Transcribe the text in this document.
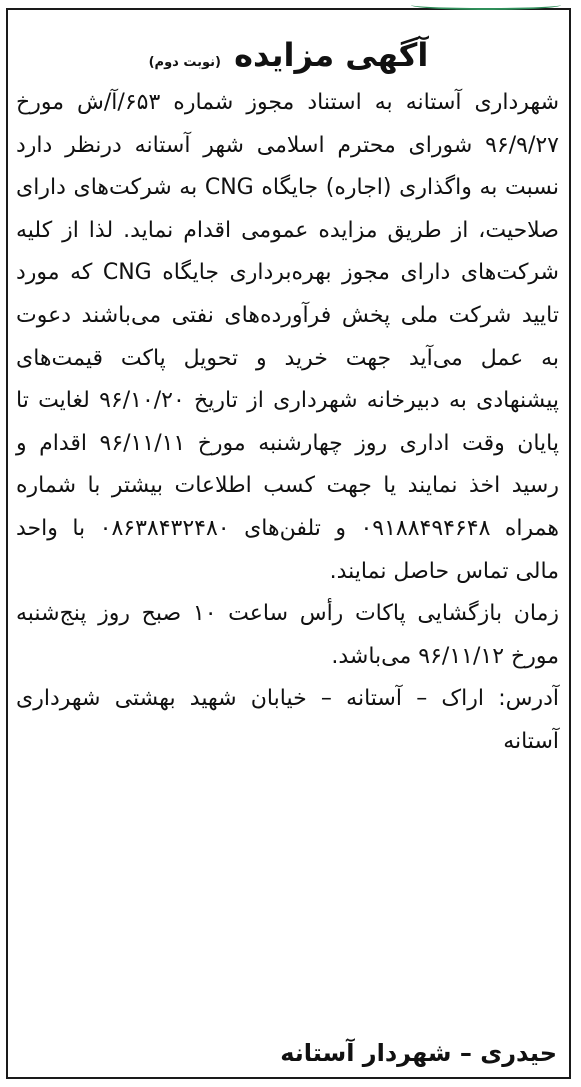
آگهی مزایده (نوبت دوم)

شهرداری آستانه به استناد مجوز شماره ۶۵۳/آ/ش مورخ ۹۶/۹/۲۷ شورای محترم اسلامی شهر آستانه درنظر دارد نسبت به واگذاری (اجاره) جایگاه CNG به شرکت‌های دارای صلاحیت، از طریق مزایده عمومی اقدام نماید. لذا از کلیه شرکت‌های دارای مجوز بهره‌برداری جایگاه CNG که مورد تایید شرکت ملی پخش فرآورده‌های نفتی می‌باشند دعوت به عمل می‌آید جهت خرید و تحویل پاکت قیمت‌های پیشنهادی به دبیرخانه شهرداری از تاریخ ۹۶/۱۰/۲۰ لغایت تا پایان وقت اداری روز چهارشنبه مورخ ۹۶/۱۱/۱۱ اقدام و رسید اخذ نمایند یا جهت کسب اطلاعات بیشتر با شماره همراه ۰۹۱۸۸۴۹۴۶۴۸ و تلفن‌های ۰۸۶۳۸۴۳۲۴۸۰ با واحد مالی تماس حاصل نمایند.

زمان بازگشایی پاکات رأس ساعت ۱۰ صبح روز پنج‌شنبه مورخ ۹۶/۱۱/۱۲ می‌باشد.

آدرس: اراک – آستانه – خیابان شهید بهشتی شهرداری آستانه

حیدری – شهردار آستانه
